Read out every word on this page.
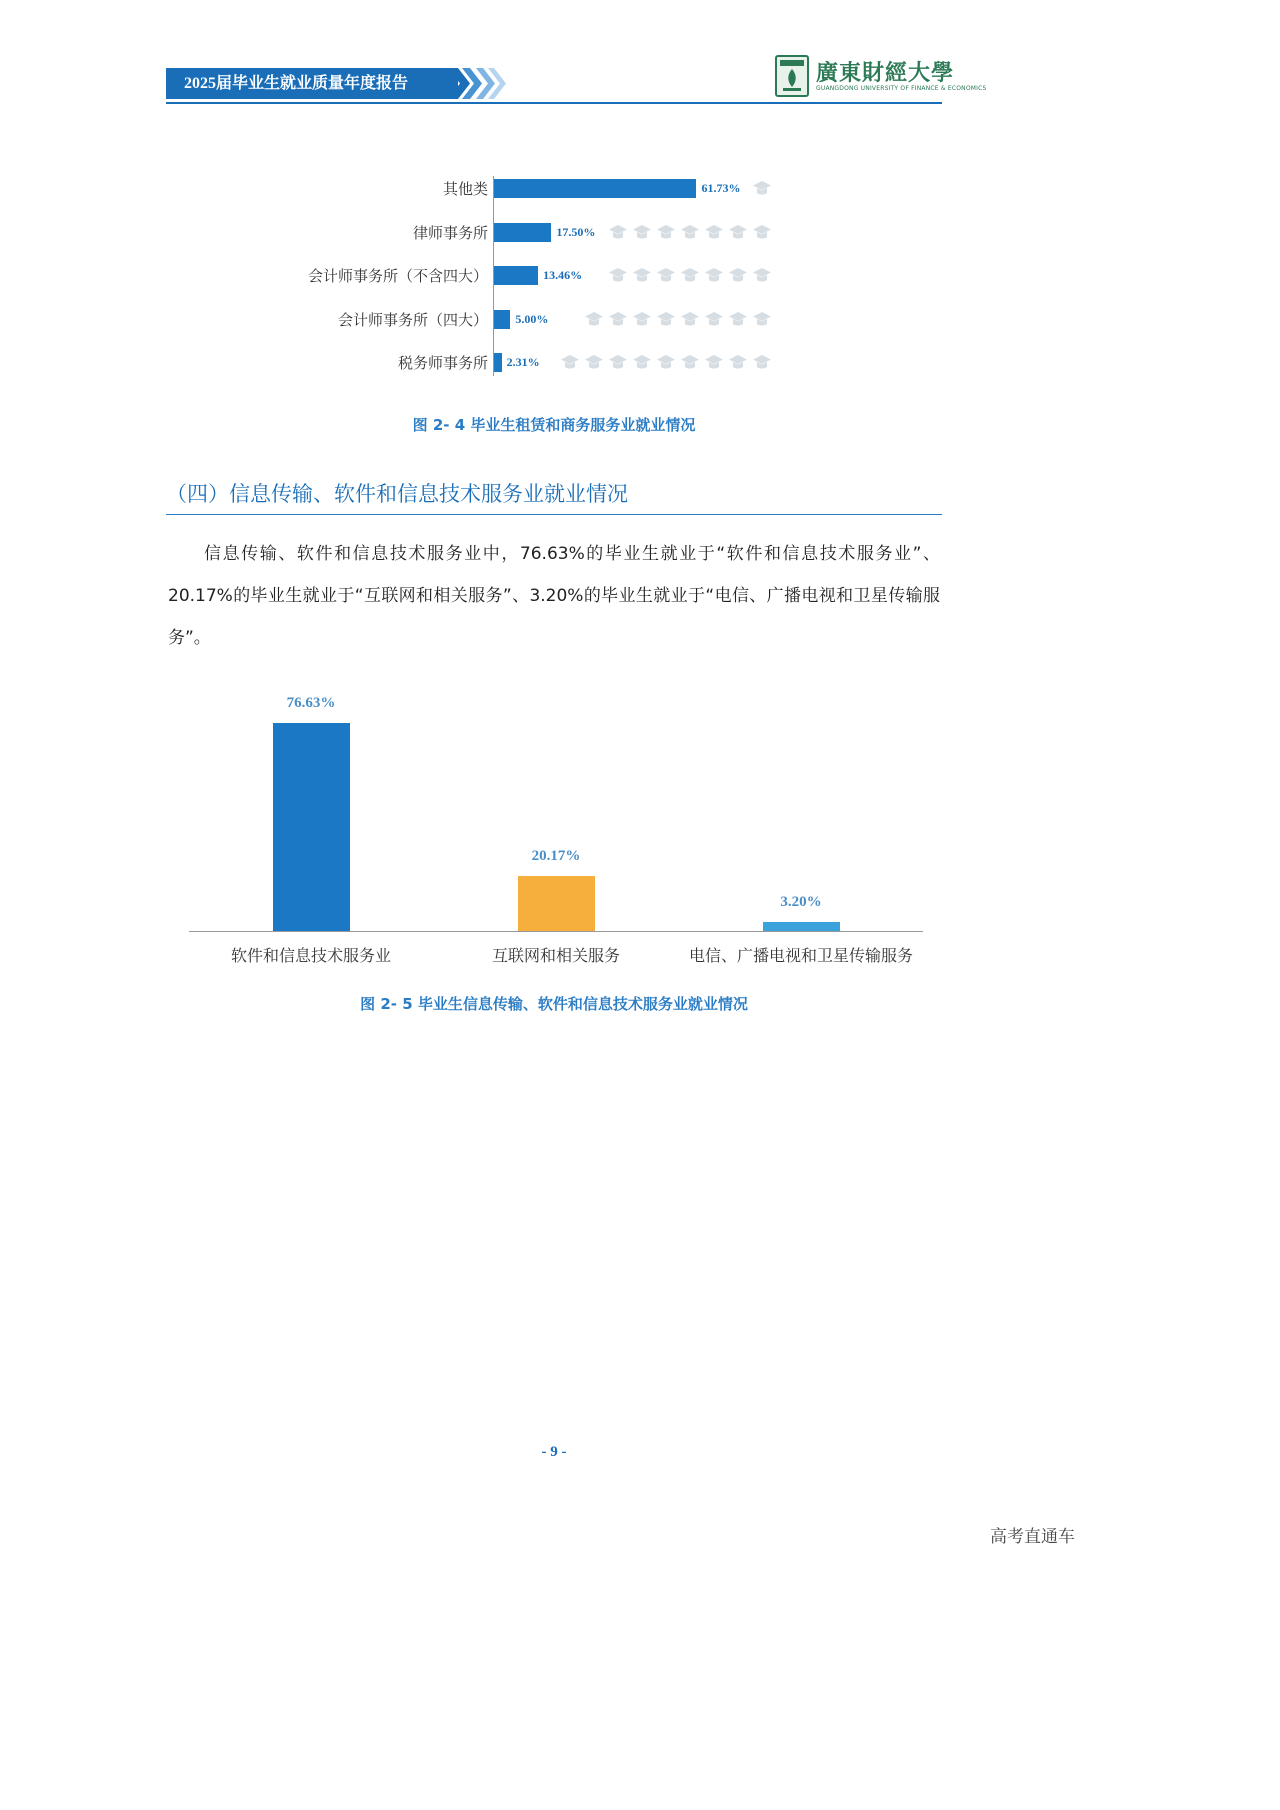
2025届毕业生就业质量年度报告	廣東財經大學
GUANGDONG UNIVERSITY OF FINANCE & ECONOMICS
其他类	61.73%
律师事务所	17.50%
会计师事务所（不含四大）	13.46%
会计师事务所（四大） 5.00%
税务师事务所 2.31%
图 2- 4 毕业生租赁和商务服务业就业情况
（四）信息传输、软件和信息技术服务业就业情况
信息传输、软件和信息技术服务业中，76.63%的毕业生就业于“软件和信息技术服务业”、20.17%的毕业生就业于“互联网和相关服务”、3.20%的毕业生就业于“电信、广播电视和卫星传输服务”。
76.63%
软件和信息技术服务业
20.17%
互联网和相关服务
3.20%
电信、广播电视和卫星传输服务
图 2- 5 毕业生信息传输、软件和信息技术服务业就业情况
- 9 -
高考直通车
